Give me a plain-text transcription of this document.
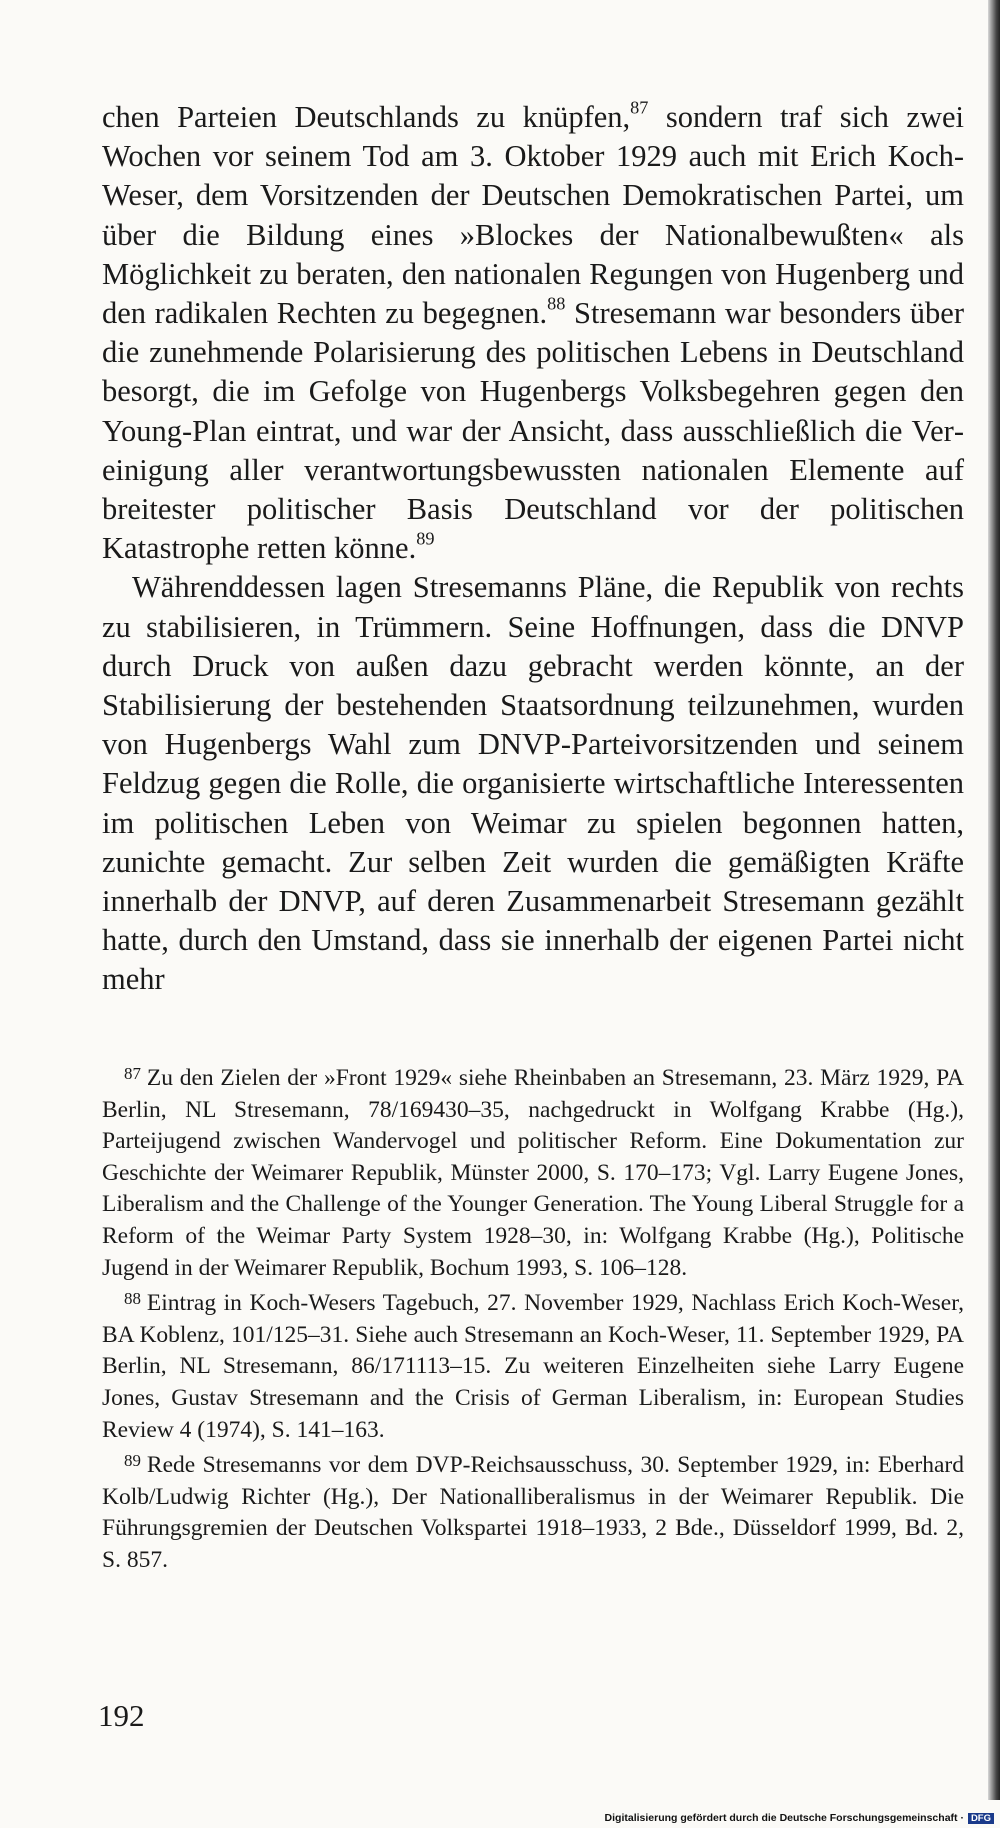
chen Parteien Deutschlands zu knüpfen,$^{87}$ sondern traf sich zwei Wochen vor seinem Tod am 3. Oktober 1929 auch mit Erich Koch-Weser, dem Vorsitzenden der Deutschen Demokratischen Partei, um über die Bildung eines »Blockes der Nationalbewußten« als Möglichkeit zu beraten, den nationalen Regungen von Hugenberg und den radikalen Rechten zu begegnen.$^{88}$ Stresemann war besonders über die zunehmende Polarisierung des politischen Lebens in Deutschland besorgt, die im Gefolge von Hugenbergs Volksbegehren gegen den Young-Plan eintrat, und war der Ansicht, dass ausschließlich die Vereinigung aller verantwortungsbewussten nationalen Elemente auf breitester politischer Basis Deutschland vor der politischen Katastrophe retten könne.$^{89}$

Währenddessen lagen Stresemanns Pläne, die Republik von rechts zu stabilisieren, in Trümmern. Seine Hoffnungen, dass die DNVP durch Druck von außen dazu gebracht werden könnte, an der Stabilisierung der bestehenden Staatsordnung teilzunehmen, wurden von Hugenbergs Wahl zum DNVP-Parteivorsitzenden und seinem Feldzug gegen die Rolle, die organisierte wirtschaftliche Interessenten im politischen Leben von Weimar zu spielen begonnen hatten, zunichte gemacht. Zur selben Zeit wurden die gemäßigten Kräfte innerhalb der DNVP, auf deren Zusammenarbeit Stresemann gezählt hatte, durch den Umstand, dass sie innerhalb der eigenen Partei nicht mehr

$^{87}$ Zu den Zielen der »Front 1929« siehe Rheinbaben an Stresemann, 23. März 1929, PA Berlin, NL Stresemann, 78/169430–35, nachgedruckt in Wolfgang Krabbe (Hg.), Parteijugend zwischen Wandervogel und politischer Reform. Eine Dokumentation zur Geschichte der Weimarer Republik, Münster 2000, S. 170–173; Vgl. Larry Eugene Jones, Liberalism and the Challenge of the Younger Generation. The Young Liberal Struggle for a Reform of the Weimar Party System 1928–30, in: Wolfgang Krabbe (Hg.), Politische Jugend in der Weimarer Republik, Bochum 1993, S. 106–128.

$^{88}$ Eintrag in Koch-Wesers Tagebuch, 27. November 1929, Nachlass Erich Koch-Weser, BA Koblenz, 101/125–31. Siehe auch Stresemann an Koch-Weser, 11. September 1929, PA Berlin, NL Stresemann, 86/171113–15. Zu weiteren Einzelheiten siehe Larry Eugene Jones, Gustav Stresemann and the Crisis of German Liberalism, in: European Studies Review 4 (1974), S. 141–163.

$^{89}$ Rede Stresemanns vor dem DVP-Reichsausschuss, 30. September 1929, in: Eberhard Kolb/Ludwig Richter (Hg.), Der Nationalliberalismus in der Weimarer Republik. Die Führungsgremien der Deutschen Volkspartei 1918–1933, 2 Bde., Düsseldorf 1999, Bd. 2, S. 857.

192
Digitalisierung gefördert durch die Deutsche Forschungsgemeinschaft · DFG
